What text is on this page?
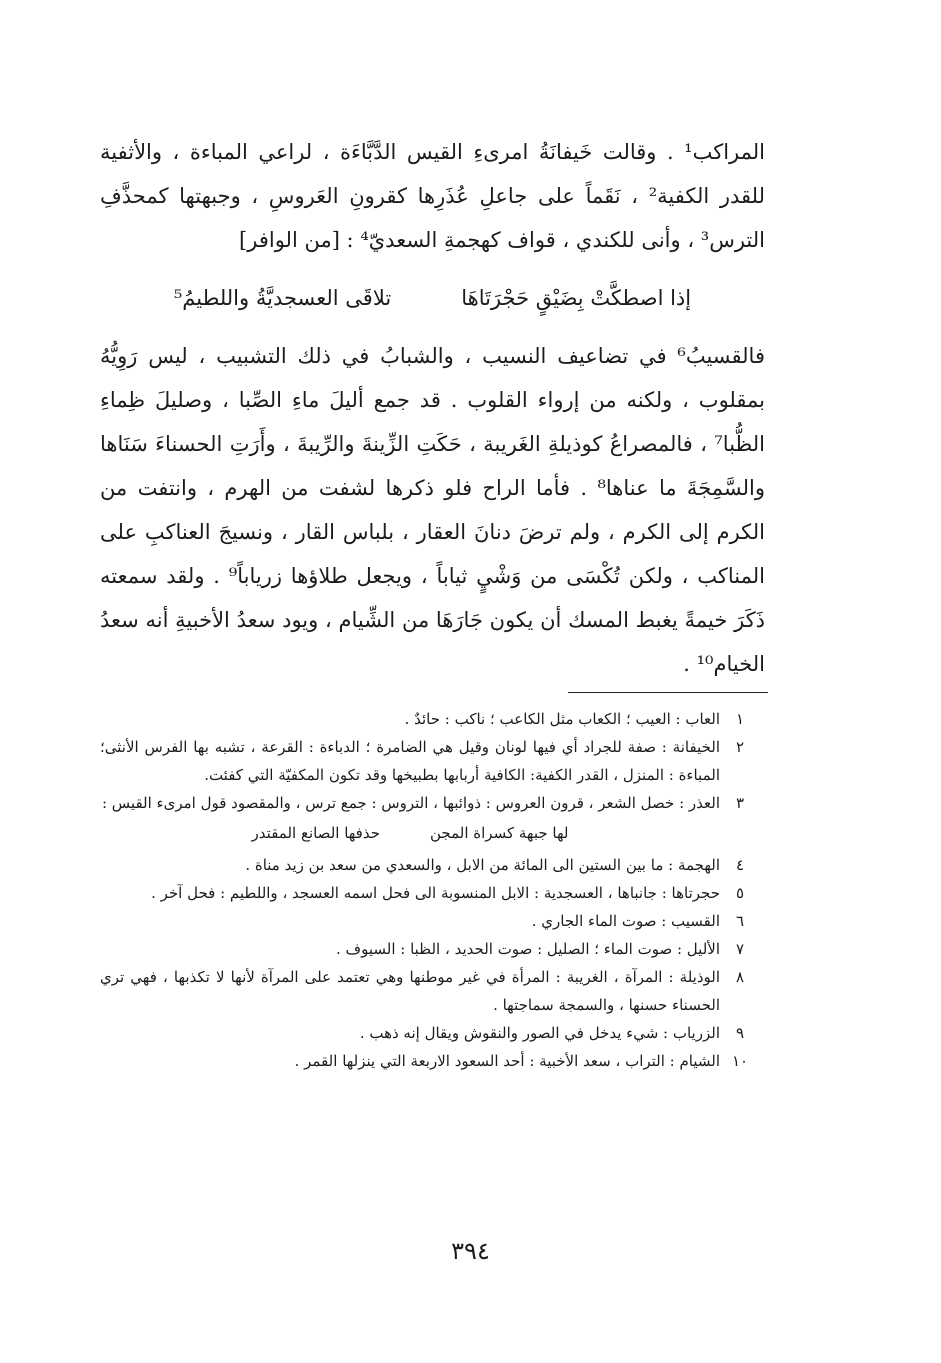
المراكب¹ . وقالت خَيفانَةُ امرىءِ القيس الدَّبَّاءَة ، لراعي المباءة ، والأثفية للقدر الكفية² ، نَقَماً على جاعلِ عُذَرِها كقرونِ العَروسِ ، وجبهتها كمحذَّفِ الترس³ ، وأنى للكندي ، قواف كهجمةِ السعديّ⁴ : [من الوافر]

إذا اصطكَّتْ بِضَيْقٍ حَجْرَتَاهَا
تلاقَى العسجديَّةُ واللطيمُ⁵

فالقسيبُ⁶ في تضاعيف النسيب ، والشبابُ في ذلك التشبيب ، ليس رَوِيُّهُ بمقلوب ، ولكنه من إرواء القلوب . قد جمع أليلَ ماءِ الصِّبا ، وصليلَ ظِماءِ الظُّبا⁷ ، فالمصراعُ كوذيلةِ الغَريبة ، حَكَتِ الزِّينةَ والرِّيبةَ ، وأَرَتِ الحسناءَ سَنَاها والسَّمِجَةَ ما عناها⁸ . فأما الراح فلو ذكرها لشفت من الهرم ، وانتفت من الكرم إلى الكرم ، ولم ترضَ دنانَ العقار ، بلباس القار ، ونسيجَ العناكبِ على المناكب ، ولكن تُكْسَى من وَشْيٍ ثياباً ، ويجعل طلاؤها زرياباً⁹ . ولقد سمعته ذَكَرَ خيمةً يغبط المسك أن يكون جَارَهَا من الشِّيام ، ويود سعدُ الأخبيةِ أنه سعدُ الخيام¹⁰ .

١
العاب : العيب ؛ الكعاب مثل الكاعب ؛ ناكب : حائدٌ .
٢
الخيفانة : صفة للجراد أي فيها لونان وقيل هي الضامرة ؛ الدباءة : القرعة ، تشبه بها الفرس الأنثى؛ المباءة : المنزل ، القدر الكفية: الكافية أربابها بطبيخها وقد تكون المكفيّة التي كفئت.
٣
العذر : خصل الشعر ، قرون العروس : ذوائبها ، التروس : جمع ترس ، والمقصود قول امرىء القيس :
لها جبهة كسراة المجن
حذفها الصانع المقتدر
٤
الهجمة : ما بين الستين الى المائة من الابل ، والسعدي من سعد بن زيد مناة .
٥
حجرتاها : جانباها ، العسجدية : الابل المنسوبة الى فحل اسمه العسجد ، واللطيم : فحل آخر .
٦
القسيب : صوت الماء الجاري .
٧
الأليل : صوت الماء ؛ الصليل : صوت الحديد ، الظبا : السيوف .
٨
الوذيلة : المرآة ، الغريبة : المرأة في غير موطنها وهي تعتمد على المرآة لأنها لا تكذبها ، فهي تري الحسناء حسنها ، والسمجة سماجتها .
٩
الزرياب : شيء يدخل في الصور والنقوش ويقال إنه ذهب .
١٠
الشيام : التراب ، سعد الأخبية : أحد السعود الاربعة التي ينزلها القمر .
٣٩٤
